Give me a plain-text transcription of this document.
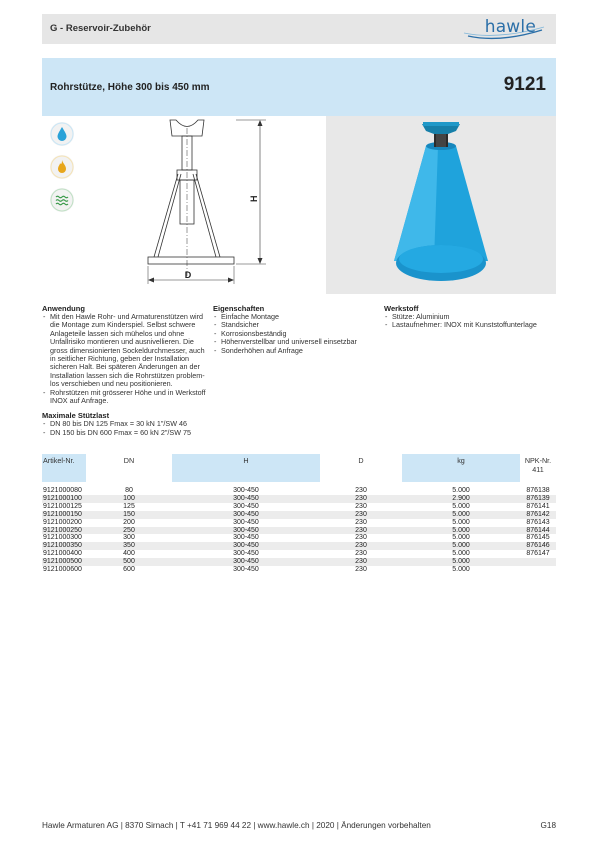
G - Reservoir-Zubehör	hawle
Rohrstütze, Höhe 300 bis 450 mm	9121
H
D
Anwendung
- Mit den Hawle Rohr- und Armaturenstützen wird die Montage zum Kinderspiel. Selbst schwere Anlageteile lassen sich mühelos und ohne Unfallrisiko montieren und ausnivellieren. Die gross dimensionierten Sockeldurchmesser, auch in seitlicher Richtung, geben der Installation sicheren Halt. Bei späteren Änderungen an der Installation lassen sich die Rohrstützen problem-los verschieben und neu positionieren.
- Rohrstützen mit grösserer Höhe und in Werkstoff INOX auf Anfrage.
Maximale Stützlast
- DN 80 bis DN 125 Fmax = 30 kN 1"/SW 46
- DN 150 bis DN 600 Fmax = 60 kN 2"/SW 75
Eigenschaften
- Einfache Montage
- Standsicher
- Korrosionsbeständig
- Höhenverstellbar und universell einsetzbar
- Sonderhöhen auf Anfrage
Werkstoff
- Stütze: Aluminium
- Lastaufnehmer: INOX mit Kunststoffunterlage
Artikel-Nr.	DN	H	D	kg	NPK-Nr.
411

9121000080	80	300-450	230	5.000	876138
9121000100	100	300-450	230	2.900	876139
9121000125	125	300-450	230	5.000	876141
9121000150	150	300-450	230	5.000	876142
9121000200	200	300-450	230	5.000	876143
9121000250	250	300-450	230	5.000	876144
9121000300	300	300-450	230	5.000	876145
9121000350	350	300-450	230	5.000	876146
9121000400	400	300-450	230	5.000	876147
9121000500	500	300-450	230	5.000	
9121000600	600	300-450	230	5.000	
Hawle Armaturen AG | 8370 Sirnach | T +41 71 969 44 22 | www.hawle.ch | 2020 | Änderungen vorbehalten	G18
